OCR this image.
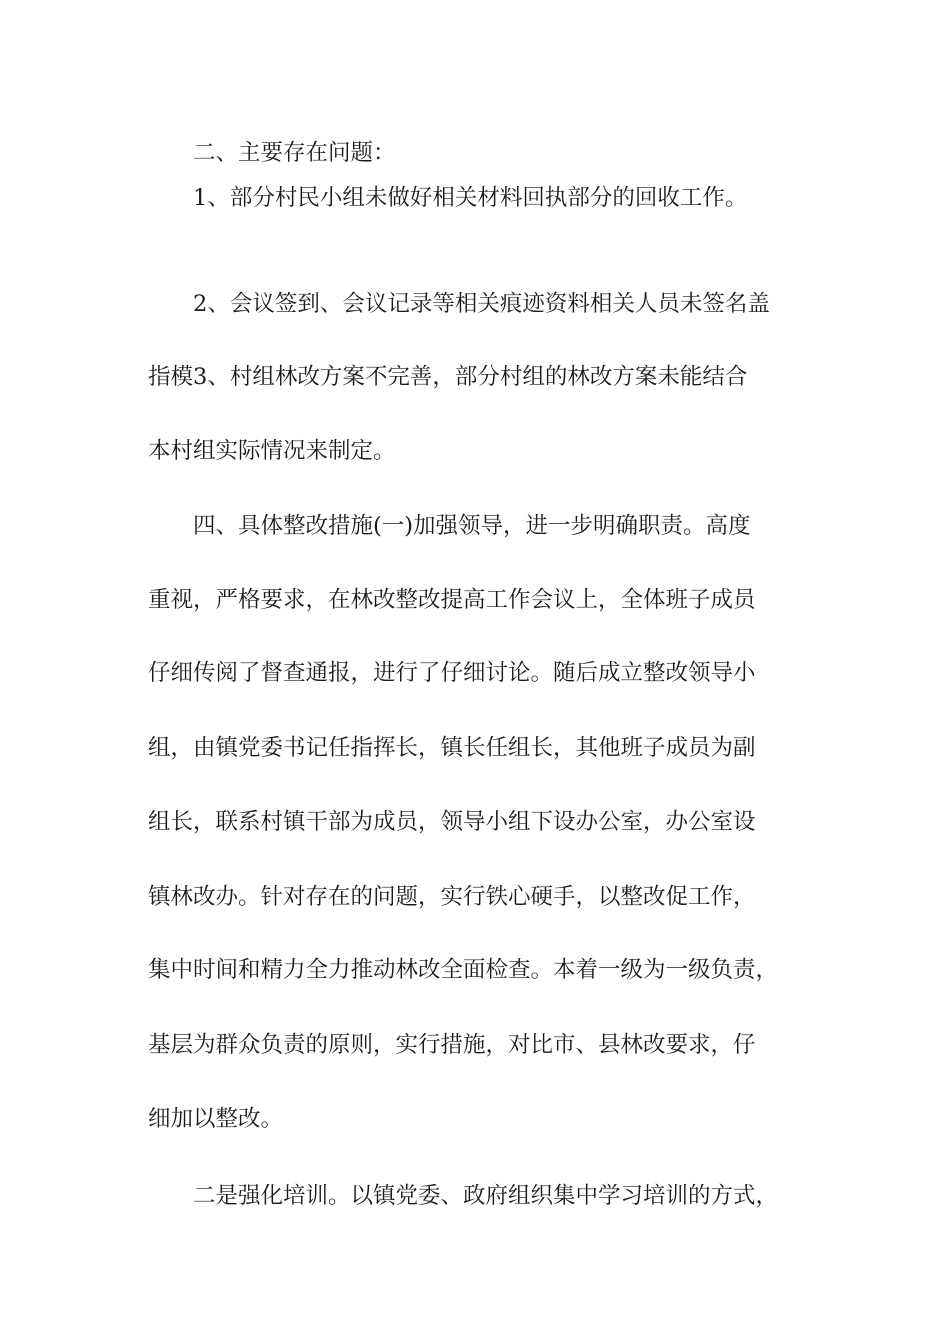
二、主要存在问题：
1、部分村民小组未做好相关材料回执部分的回收工作。
2、会议签到、会议记录等相关痕迹资料相关人员未签名盖
指模3、村组林改方案不完善，部分村组的林改方案未能结合
本村组实际情况来制定。
四、具体整改措施(一)加强领导，进一步明确职责。高度
重视，严格要求，在林改整改提高工作会议上，全体班子成员
仔细传阅了督查通报，进行了仔细讨论。随后成立整改领导小
组，由镇党委书记任指挥长，镇长任组长，其他班子成员为副
组长，联系村镇干部为成员，领导小组下设办公室，办公室设
镇林改办。针对存在的问题，实行铁心硬手，以整改促工作，
集中时间和精力全力推动林改全面检查。本着一级为一级负责，
基层为群众负责的原则，实行措施，对比市、县林改要求，仔
细加以整改。
二是强化培训。以镇党委、政府组织集中学习培训的方式，
